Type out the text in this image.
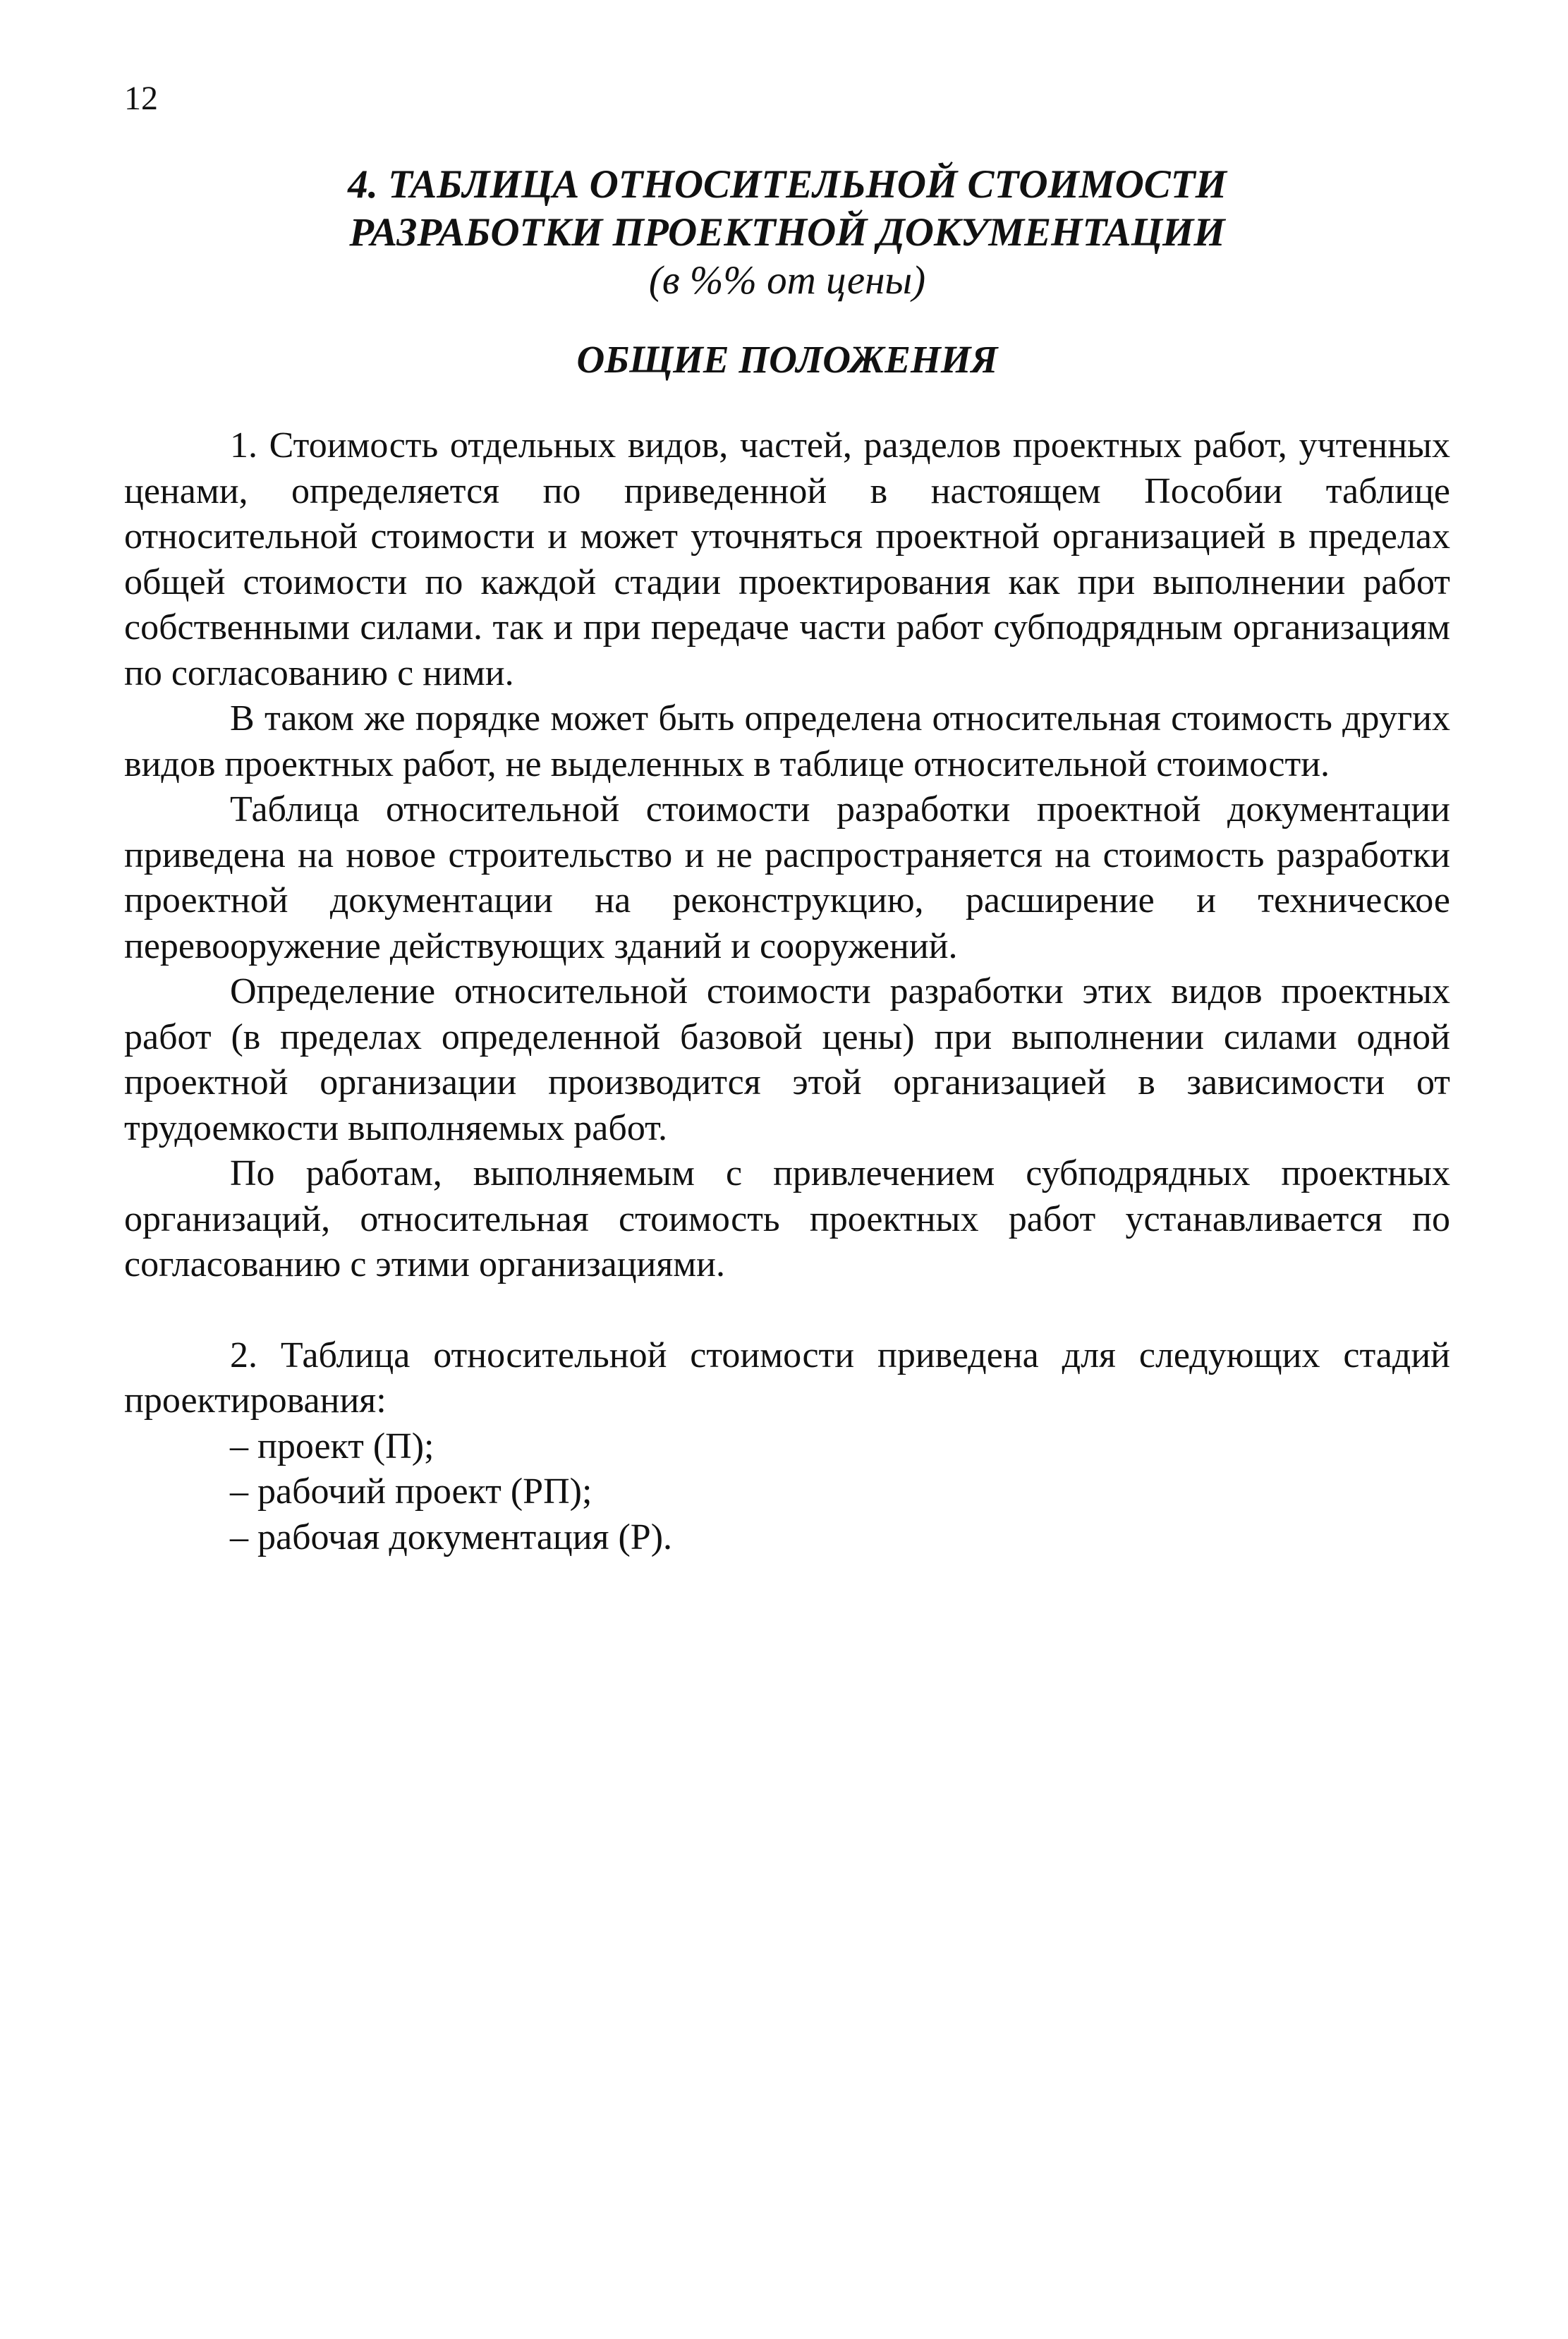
12
4. ТАБЛИЦА ОТНОСИТЕЛЬНОЙ СТОИМОСТИ
РАЗРАБОТКИ ПРОЕКТНОЙ ДОКУМЕНТАЦИИ
(в %% от цены)
ОБЩИЕ ПОЛОЖЕНИЯ

1. Стоимость отдельных видов, частей, разделов проектных работ, учтенных ценами, определяется по приведенной в настоящем Пособии таблице относительной стоимости и может уточняться проектной организацией в пределах общей стоимости по каждой стадии проектирования как при выполнении работ собственными силами. так и при передаче части работ субподрядным организациям по согласованию с ними.

В таком же порядке может быть определена относительная стоимость других видов проектных работ, не выделенных в таблице относительной стоимости.

Таблица относительной стоимости разработки проектной документации приведена на новое строительство и не распространяется на стоимость разработки проектной документации на реконструкцию, расширение и техническое перевооружение действующих зданий и сооружений.

Определение относительной стоимости разработки этих видов проектных работ (в пределах определенной базовой цены) при выполнении силами одной проектной организации производится этой организацией в зависимости от трудоемкости выполняемых работ.

По работам, выполняемым с привлечением субподрядных проектных организаций, относительная стоимость проектных работ устанавливается по согласованию с этими организациями.

2. Таблица относительной стоимости приведена для следующих стадий проектирования:

– проект (П);
– рабочий проект (РП);
– рабочая документация (Р).
